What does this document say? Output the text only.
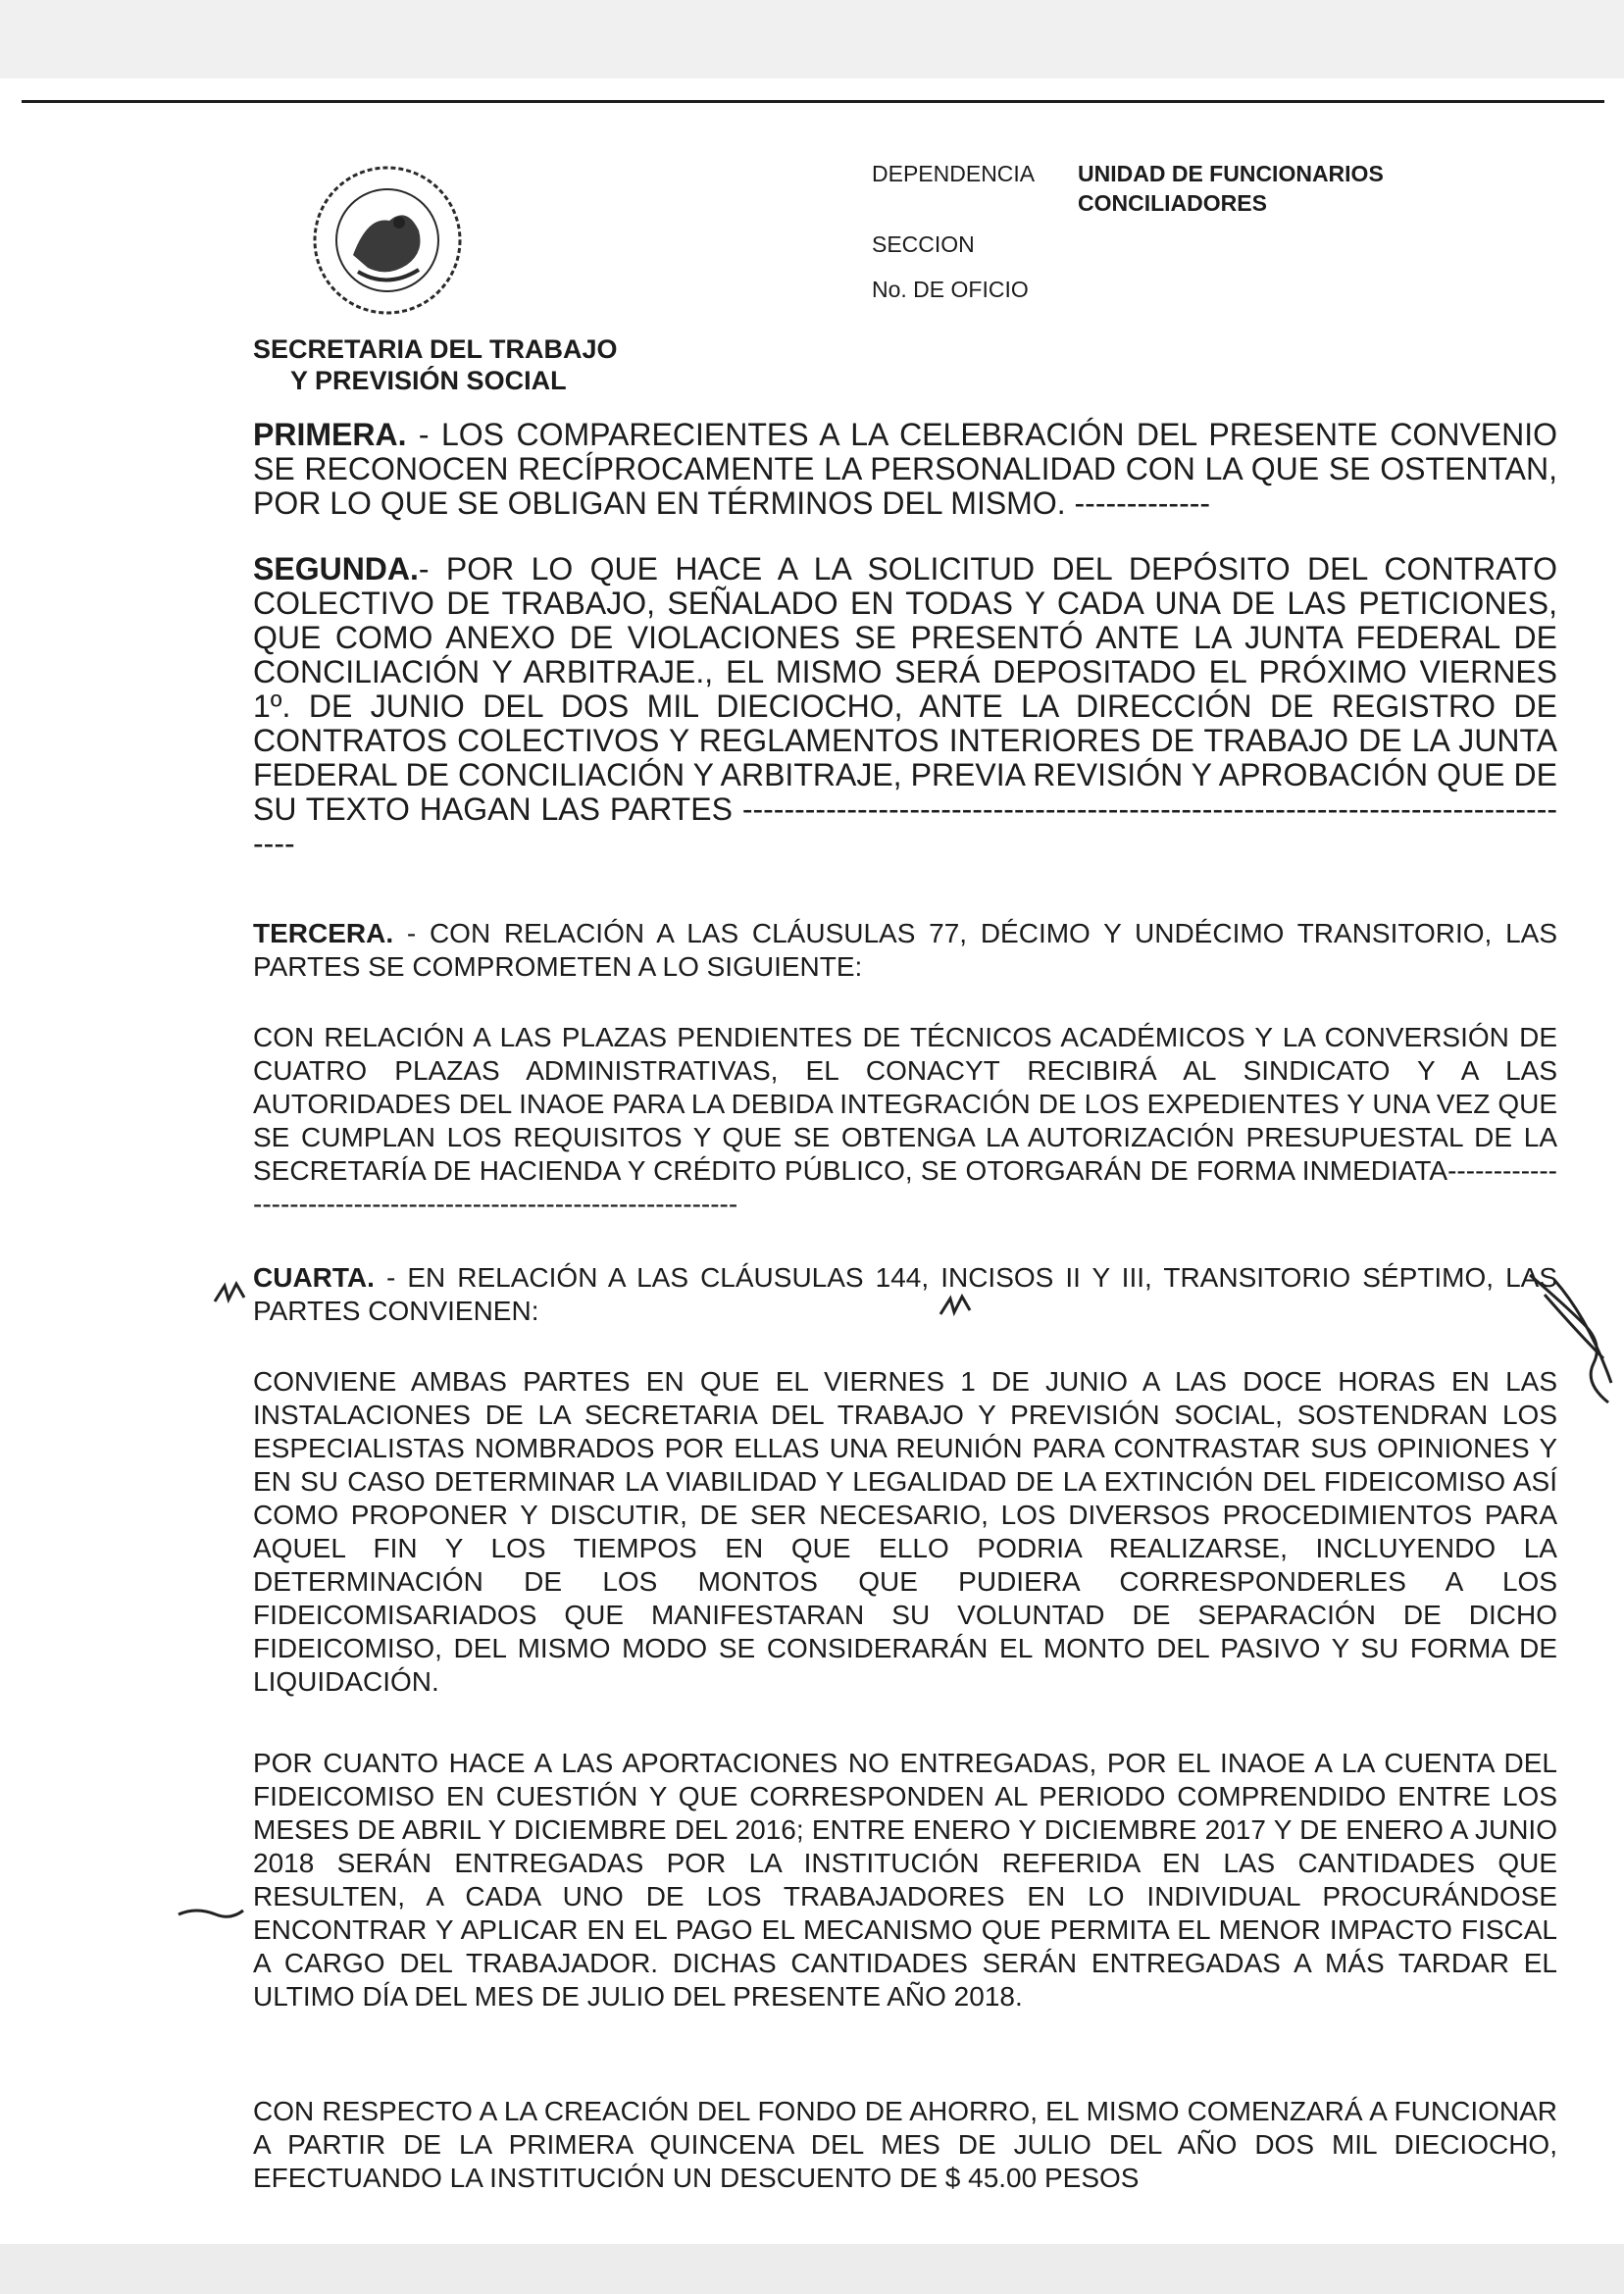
SECRETARIA DEL TRABAJO
Y PREVISIÓN SOCIAL
DEPENDENCIA UNIDAD DE FUNCIONARIOS
CONCILIADORES
SECCION
No. DE OFICIO

PRIMERA. - LOS COMPARECIENTES A LA CELEBRACIÓN DEL PRESENTE CONVENIO SE RECONOCEN RECÍPROCAMENTE LA PERSONALIDAD CON LA QUE SE OSTENTAN, POR LO QUE SE OBLIGAN EN TÉRMINOS DEL MISMO. -------------

SEGUNDA.- POR LO QUE HACE A LA SOLICITUD DEL DEPÓSITO DEL CONTRATO COLECTIVO DE TRABAJO, SEÑALADO EN TODAS Y CADA UNA DE LAS PETICIONES, QUE COMO ANEXO DE VIOLACIONES SE PRESENTÓ ANTE LA JUNTA FEDERAL DE CONCILIACIÓN Y ARBITRAJE., EL MISMO SERÁ DEPOSITADO EL PRÓXIMO VIERNES 1º. DE JUNIO DEL DOS MIL DIECIOCHO, ANTE LA DIRECCIÓN DE REGISTRO DE CONTRATOS COLECTIVOS Y REGLAMENTOS INTERIORES DE TRABAJO DE LA JUNTA FEDERAL DE CONCILIACIÓN Y ARBITRAJE, PREVIA REVISIÓN Y APROBACIÓN QUE DE SU TEXTO HAGAN LAS PARTES ----------------------------------------------------------------------------------

TERCERA. - CON RELACIÓN A LAS CLÁUSULAS 77, DÉCIMO Y UNDÉCIMO TRANSITORIO, LAS PARTES SE COMPROMETEN A LO SIGUIENTE:

CON RELACIÓN A LAS PLAZAS PENDIENTES DE TÉCNICOS ACADÉMICOS Y LA CONVERSIÓN DE CUATRO PLAZAS ADMINISTRATIVAS, EL CONACYT RECIBIRÁ AL SINDICATO Y A LAS AUTORIDADES DEL INAOE PARA LA DEBIDA INTEGRACIÓN DE LOS EXPEDIENTES Y UNA VEZ QUE SE CUMPLAN LOS REQUISITOS Y QUE SE OBTENGA LA AUTORIZACIÓN PRESUPUESTAL DE LA SECRETARÍA DE HACIENDA Y CRÉDITO PÚBLICO, SE OTORGARÁN DE FORMA INMEDIATA-----------------------------------------------------------------

CUARTA. - EN RELACIÓN A LAS CLÁUSULAS 144, INCISOS II Y III, TRANSITORIO SÉPTIMO, LAS PARTES CONVIENEN:

CONVIENE AMBAS PARTES EN QUE EL VIERNES 1 DE JUNIO A LAS DOCE HORAS EN LAS INSTALACIONES DE LA SECRETARIA DEL TRABAJO Y PREVISIÓN SOCIAL, SOSTENDRAN LOS ESPECIALISTAS NOMBRADOS POR ELLAS UNA REUNIÓN PARA CONTRASTAR SUS OPINIONES Y EN SU CASO DETERMINAR LA VIABILIDAD Y LEGALIDAD DE LA EXTINCIÓN DEL FIDEICOMISO ASÍ COMO PROPONER Y DISCUTIR, DE SER NECESARIO, LOS DIVERSOS PROCEDIMIENTOS PARA AQUEL FIN Y LOS TIEMPOS EN QUE ELLO PODRIA REALIZARSE, INCLUYENDO LA DETERMINACIÓN DE LOS MONTOS QUE PUDIERA CORRESPONDERLES A LOS FIDEICOMISARIADOS QUE MANIFESTARAN SU VOLUNTAD DE SEPARACIÓN DE DICHO FIDEICOMISO, DEL MISMO MODO SE CONSIDERARÁN EL MONTO DEL PASIVO Y SU FORMA DE LIQUIDACIÓN.

POR CUANTO HACE A LAS APORTACIONES NO ENTREGADAS, POR EL INAOE A LA CUENTA DEL FIDEICOMISO EN CUESTIÓN Y QUE CORRESPONDEN AL PERIODO COMPRENDIDO ENTRE LOS MESES DE ABRIL Y DICIEMBRE DEL 2016; ENTRE ENERO Y DICIEMBRE 2017 Y DE ENERO A JUNIO 2018 SERÁN ENTREGADAS POR LA INSTITUCIÓN REFERIDA EN LAS CANTIDADES QUE RESULTEN, A CADA UNO DE LOS TRABAJADORES EN LO INDIVIDUAL PROCURÁNDOSE ENCONTRAR Y APLICAR EN EL PAGO EL MECANISMO QUE PERMITA EL MENOR IMPACTO FISCAL A CARGO DEL TRABAJADOR. DICHAS CANTIDADES SERÁN ENTREGADAS A MÁS TARDAR EL ULTIMO DÍA DEL MES DE JULIO DEL PRESENTE AÑO 2018.

CON RESPECTO A LA CREACIÓN DEL FONDO DE AHORRO, EL MISMO COMENZARÁ A FUNCIONAR A PARTIR DE LA PRIMERA QUINCENA DEL MES DE JULIO DEL AÑO DOS MIL DIECIOCHO, EFECTUANDO LA INSTITUCIÓN UN DESCUENTO DE $ 45.00 PESOS
